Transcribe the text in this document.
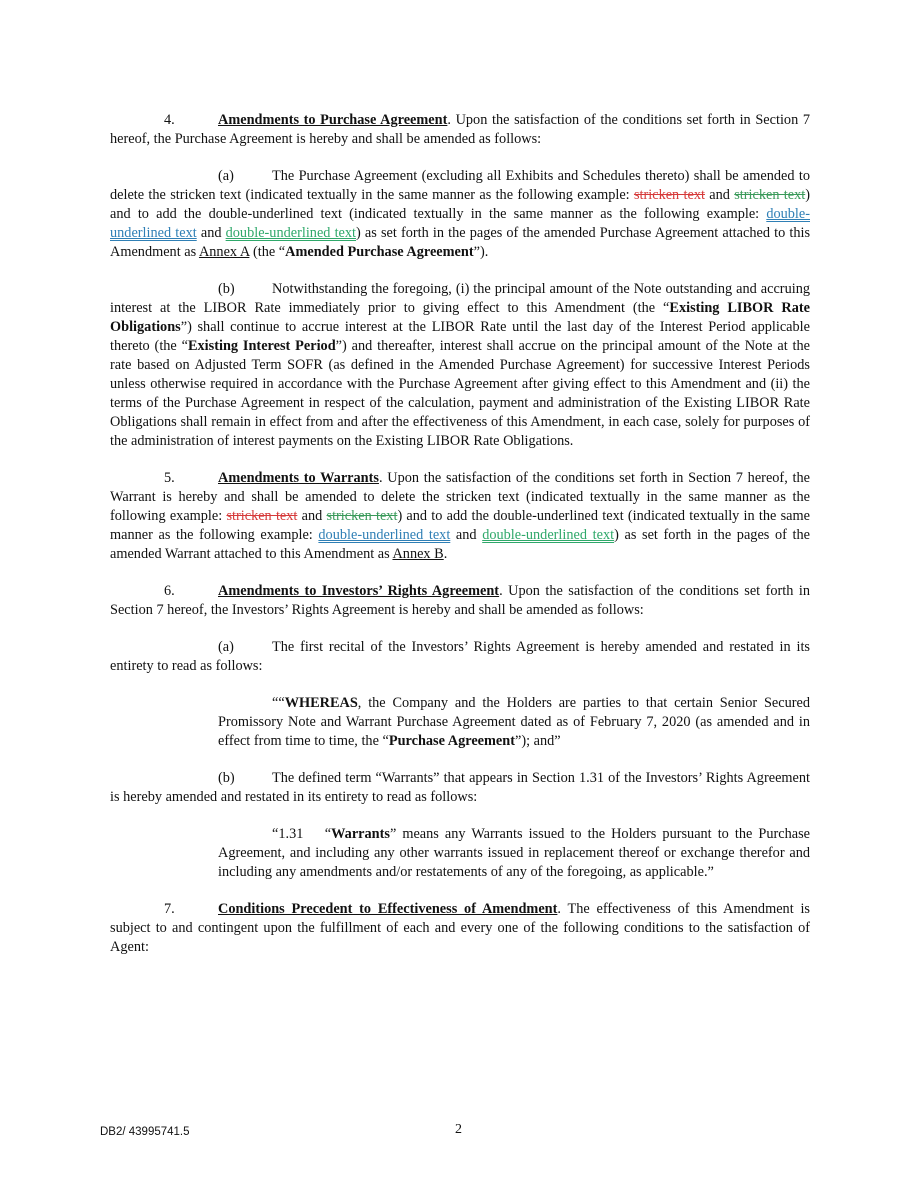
4.	Amendments to Purchase Agreement. Upon the satisfaction of the conditions set forth in Section 7 hereof, the Purchase Agreement is hereby and shall be amended as follows:

(a)	The Purchase Agreement (excluding all Exhibits and Schedules thereto) shall be amended to delete the stricken text (indicated textually in the same manner as the following example: stricken text and stricken text) and to add the double-underlined text (indicated textually in the same manner as the following example: double-underlined text and double-underlined text) as set forth in the pages of the amended Purchase Agreement attached to this Amendment as Annex A (the “Amended Purchase Agreement”).

(b)	Notwithstanding the foregoing, (i) the principal amount of the Note outstanding and accruing interest at the LIBOR Rate immediately prior to giving effect to this Amendment (the “Existing LIBOR Rate Obligations”) shall continue to accrue interest at the LIBOR Rate until the last day of the Interest Period applicable thereto (the “Existing Interest Period”) and thereafter, interest shall accrue on the principal amount of the Note at the rate based on Adjusted Term SOFR (as defined in the Amended Purchase Agreement) for successive Interest Periods unless otherwise required in accordance with the Purchase Agreement after giving effect to this Amendment and (ii) the terms of the Purchase Agreement in respect of the calculation, payment and administration of the Existing LIBOR Rate Obligations shall remain in effect from and after the effectiveness of this Amendment, in each case, solely for purposes of the administration of interest payments on the Existing LIBOR Rate Obligations.

5.	Amendments to Warrants. Upon the satisfaction of the conditions set forth in Section 7 hereof, the Warrant is hereby and shall be amended to delete the stricken text (indicated textually in the same manner as the following example: stricken text and stricken text) and to add the double-underlined text (indicated textually in the same manner as the following example: double-underlined text and double-underlined text) as set forth in the pages of the amended Warrant attached to this Amendment as Annex B.

6.	Amendments to Investors’ Rights Agreement. Upon the satisfaction of the conditions set forth in Section 7 hereof, the Investors’ Rights Agreement is hereby and shall be amended as follows:

(a)	The first recital of the Investors’ Rights Agreement is hereby amended and restated in its entirety to read as follows:

““WHEREAS, the Company and the Holders are parties to that certain Senior Secured Promissory Note and Warrant Purchase Agreement dated as of February 7, 2020 (as amended and in effect from time to time, the “Purchase Agreement”); and”

(b)	The defined term “Warrants” that appears in Section 1.31 of the Investors’ Rights Agreement is hereby amended and restated in its entirety to read as follows:

“1.31  “Warrants” means any Warrants issued to the Holders pursuant to the Purchase Agreement, and including any other warrants issued in replacement thereof or exchange therefor and including any amendments and/or restatements of any of the foregoing, as applicable.”

7.	Conditions Precedent to Effectiveness of Amendment. The effectiveness of this Amendment is subject to and contingent upon the fulfillment of each and every one of the following conditions to the satisfaction of Agent:

DB2/ 43995741.5	2
